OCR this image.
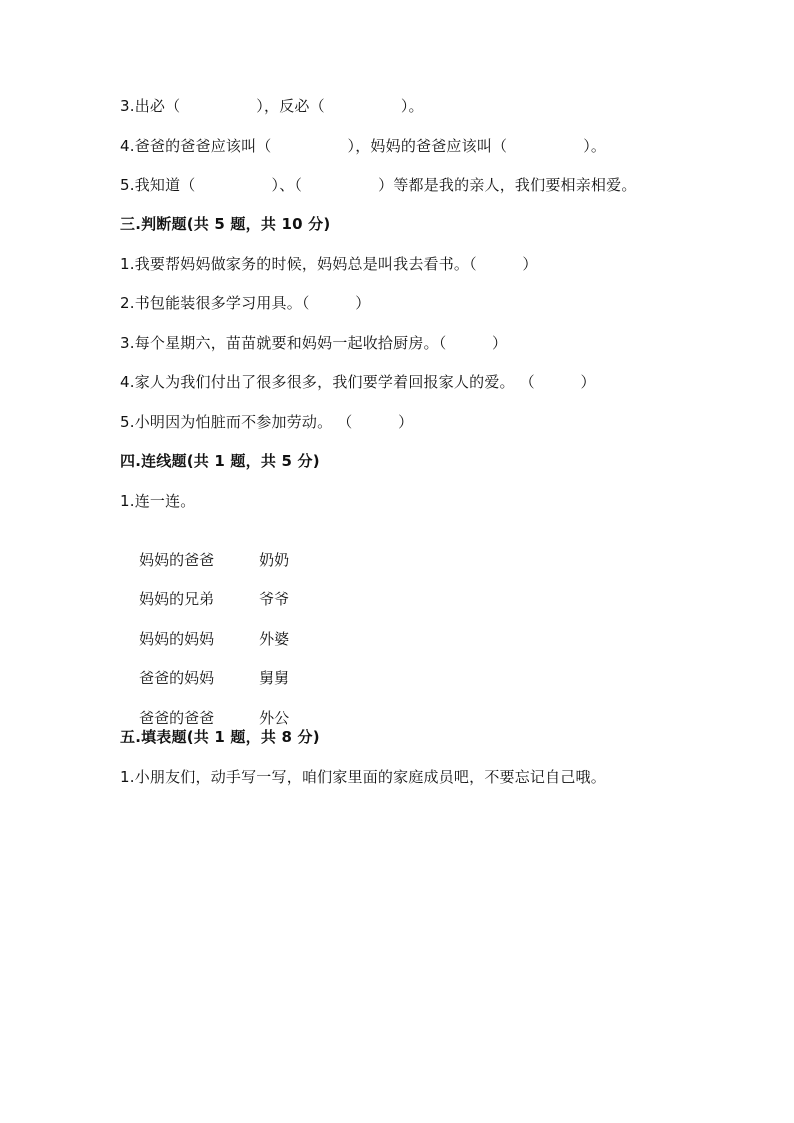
3.出必（　　　　　），反必（　　　　　）。
4.爸爸的爸爸应该叫（　　　　　），妈妈的爸爸应该叫（　　　　　）。
5.我知道（　　　　　）、（　　　　　）等都是我的亲人，我们要相亲相爱。
三.判断题(共 5 题，共 10 分)
1.我要帮妈妈做家务的时候，妈妈总是叫我去看书。（　　　）
2.书包能装很多学习用具。（　　　）
3.每个星期六，苗苗就要和妈妈一起收拾厨房。（　　　）
4.家人为我们付出了很多很多，我们要学着回报家人的爱。 （　　　）
5.小明因为怕脏而不参加劳动。 （　　　）
四.连线题(共 1 题，共 5 分)
1.连一连。

妈妈的爸爸	奶奶

妈妈的兄弟	爷爷

妈妈的妈妈	外婆

爸爸的妈妈	舅舅

爸爸的爸爸	外公

五.填表题(共 1 题，共 8 分)
1.小朋友们，动手写一写，咱们家里面的家庭成员吧，不要忘记自己哦。
